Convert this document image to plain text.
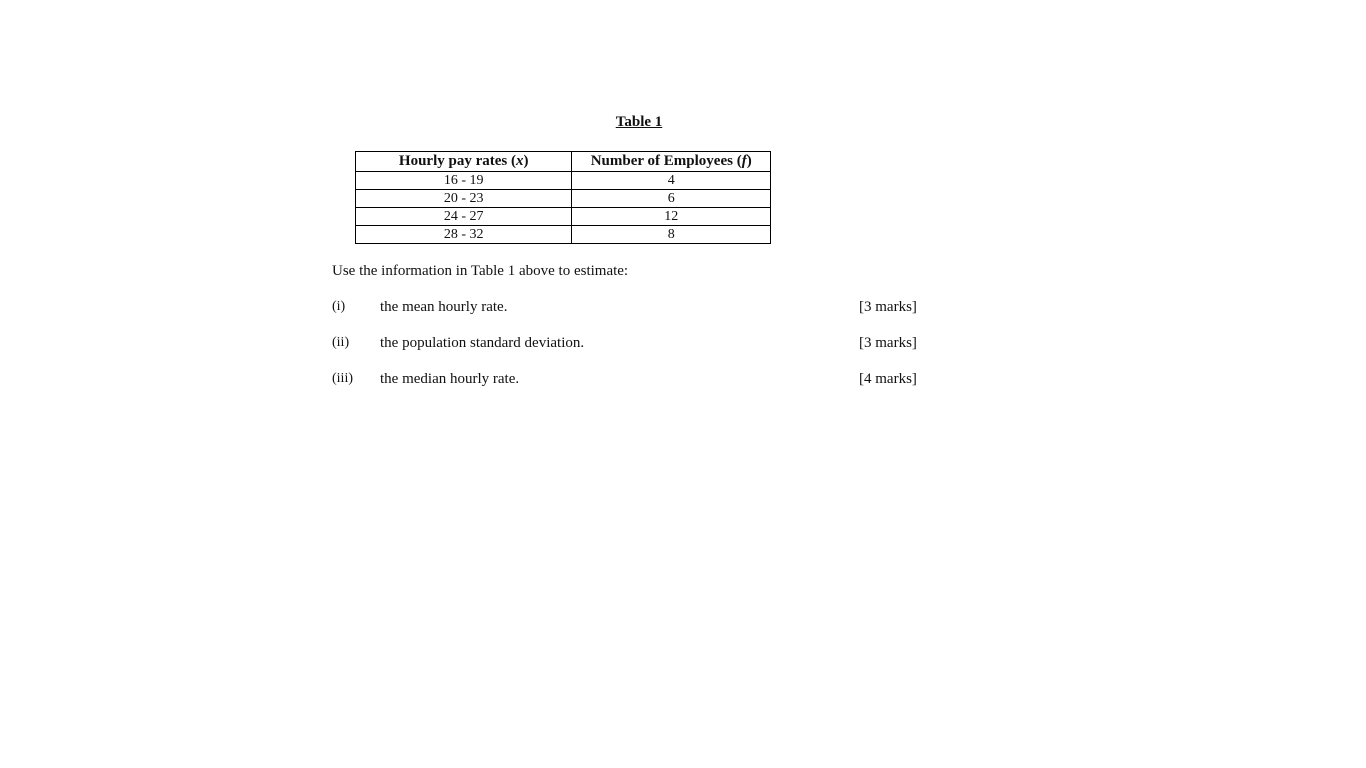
Table 1

Hourly pay rates (x)	Number of Employees (f)
16 - 19	4
20 - 23	6
24 - 27	12
28 - 32	8

Use the information in Table 1 above to estimate:

(i) the mean hourly rate.	[3 marks]
(ii) the population standard deviation.	[3 marks]
(iii) the median hourly rate.	[4 marks]
